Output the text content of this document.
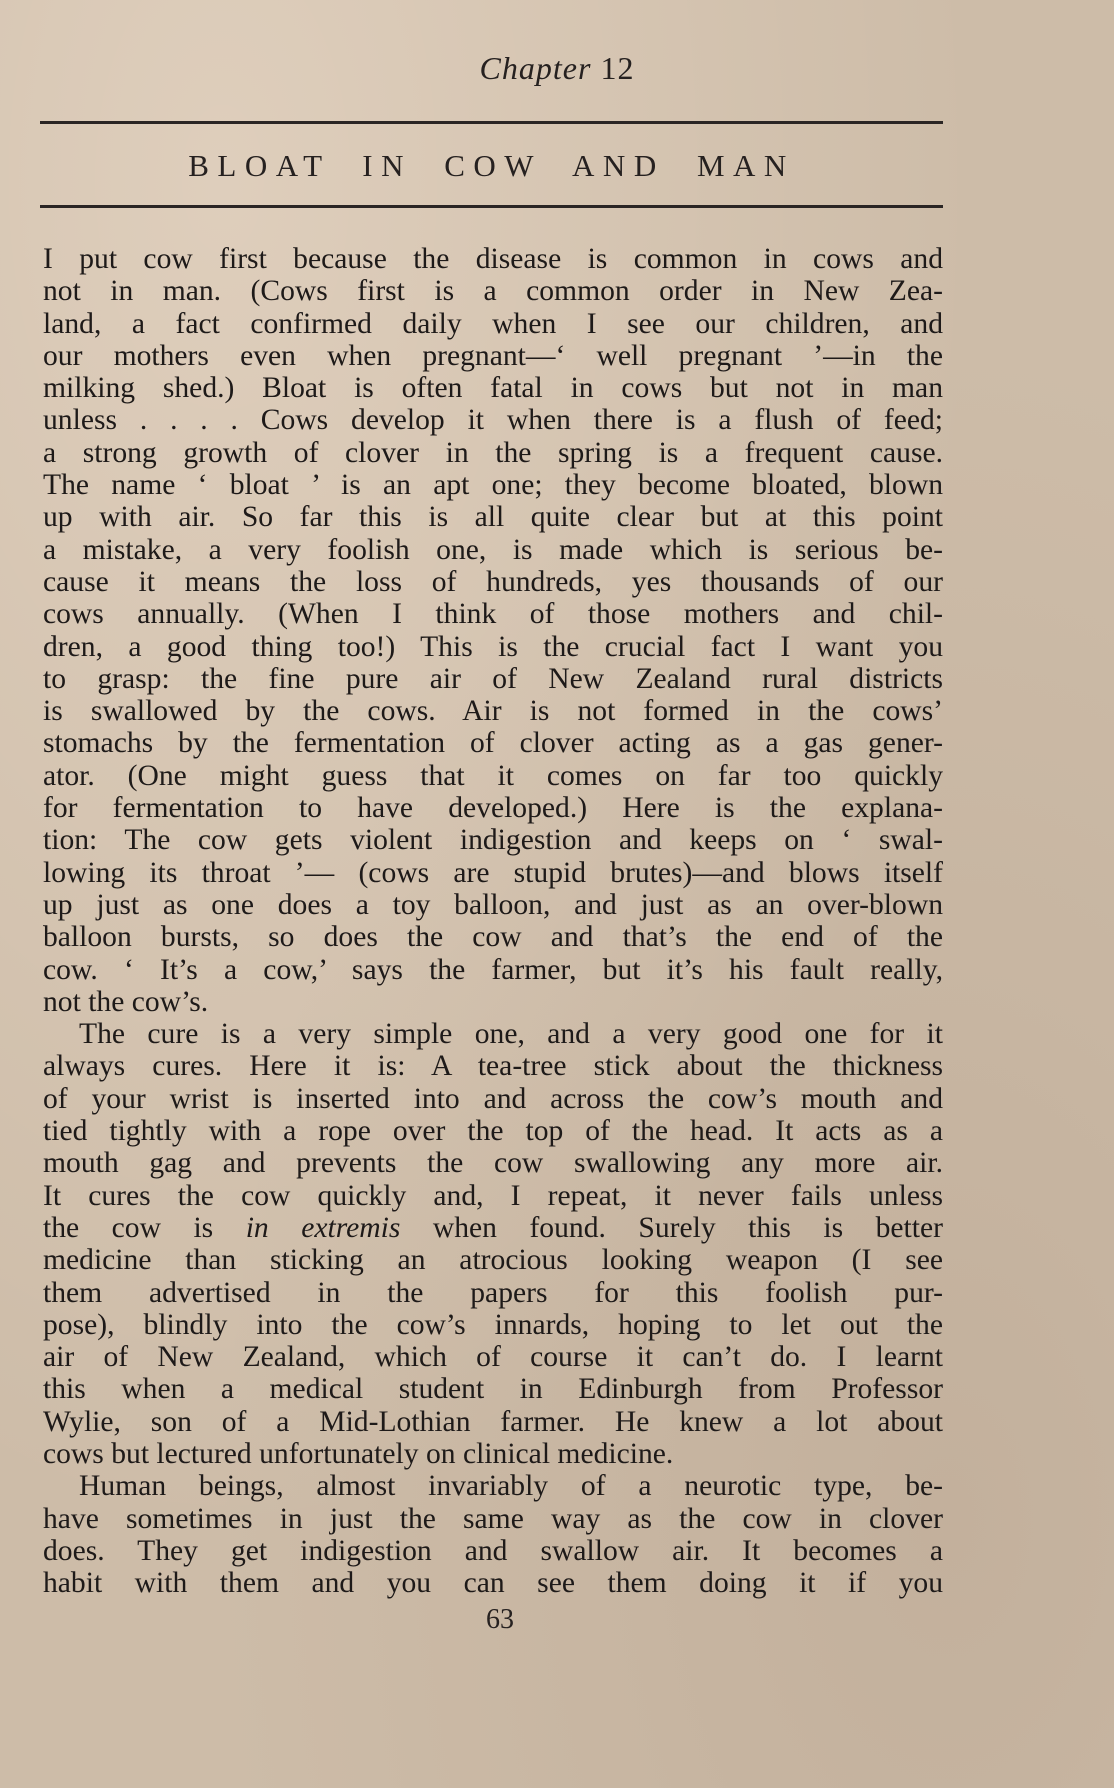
Chapter 12
BLOAT IN COW AND MAN
I put cow first because the disease is common in cows and
not in man. (Cows first is a common order in New Zea-
land, a fact confirmed daily when I see our children, and
our mothers even when pregnant—‘ well pregnant ’—in the
milking shed.) Bloat is often fatal in cows but not in man
unless . . . . Cows develop it when there is a flush of feed;
a strong growth of clover in the spring is a frequent cause.
The name ‘ bloat ’ is an apt one; they become bloated, blown
up with air. So far this is all quite clear but at this point
a mistake, a very foolish one, is made which is serious be-
cause it means the loss of hundreds, yes thousands of our
cows annually. (When I think of those mothers and chil-
dren, a good thing too!) This is the crucial fact I want you
to grasp: the fine pure air of New Zealand rural districts
is swallowed by the cows. Air is not formed in the cows’
stomachs by the fermentation of clover acting as a gas gener-
ator. (One might guess that it comes on far too quickly
for fermentation to have developed.) Here is the explana-
tion: The cow gets violent indigestion and keeps on ‘ swal-
lowing its throat ’— (cows are stupid brutes)—and blows itself
up just as one does a toy balloon, and just as an over-blown
balloon bursts, so does the cow and that’s the end of the
cow. ‘ It’s a cow,’ says the farmer, but it’s his fault really,
not the cow’s.
The cure is a very simple one, and a very good one for it
always cures. Here it is: A tea-tree stick about the thickness
of your wrist is inserted into and across the cow’s mouth and
tied tightly with a rope over the top of the head. It acts as a
mouth gag and prevents the cow swallowing any more air.
It cures the cow quickly and, I repeat, it never fails unless
the cow is in extremis when found. Surely this is better
medicine than sticking an atrocious looking weapon (I see
them advertised in the papers for this foolish pur-
pose), blindly into the cow’s innards, hoping to let out the
air of New Zealand, which of course it can’t do. I learnt
this when a medical student in Edinburgh from Professor
Wylie, son of a Mid-Lothian farmer. He knew a lot about
cows but lectured unfortunately on clinical medicine.
Human beings, almost invariably of a neurotic type, be-
have sometimes in just the same way as the cow in clover
does. They get indigestion and swallow air. It becomes a
habit with them and you can see them doing it if you
63
